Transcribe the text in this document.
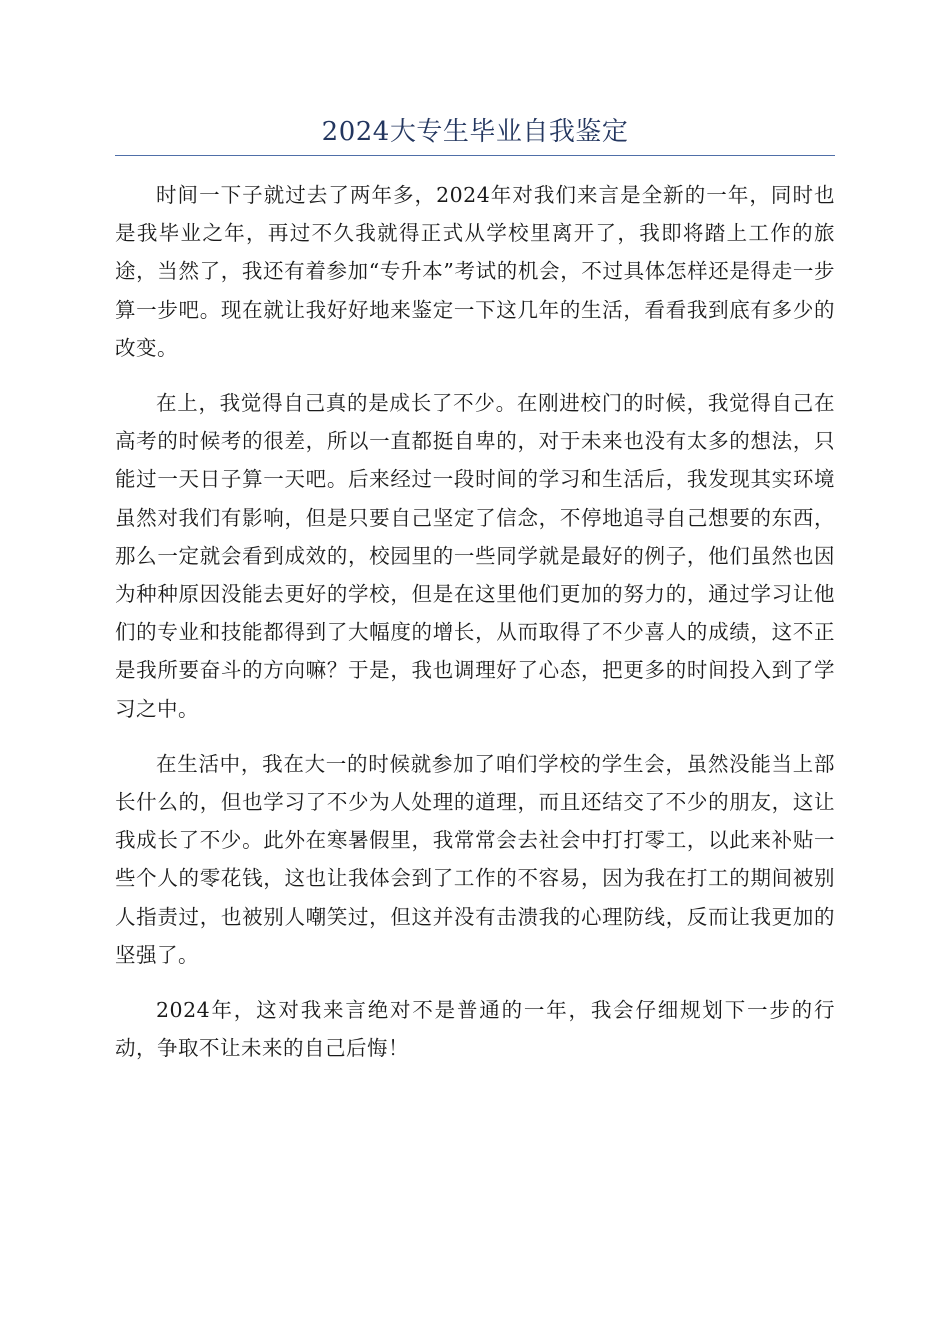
2024大专生毕业自我鉴定

时间一下子就过去了两年多，2024年对我们来言是全新的一年，同时也是我毕业之年，再过不久我就得正式从学校里离开了，我即将踏上工作的旅途，当然了，我还有着参加“专升本”考试的机会，不过具体怎样还是得走一步算一步吧。现在就让我好好地来鉴定一下这几年的生活，看看我到底有多少的改变。

在上，我觉得自己真的是成长了不少。在刚进校门的时候，我觉得自己在高考的时候考的很差，所以一直都挺自卑的，对于未来也没有太多的想法，只能过一天日子算一天吧。后来经过一段时间的学习和生活后，我发现其实环境虽然对我们有影响，但是只要自己坚定了信念，不停地追寻自己想要的东西，那么一定就会看到成效的，校园里的一些同学就是最好的例子，他们虽然也因为种种原因没能去更好的学校，但是在这里他们更加的努力的，通过学习让他们的专业和技能都得到了大幅度的增长，从而取得了不少喜人的成绩，这不正是我所要奋斗的方向嘛？于是，我也调理好了心态，把更多的时间投入到了学习之中。

在生活中，我在大一的时候就参加了咱们学校的学生会，虽然没能当上部长什么的，但也学习了不少为人处理的道理，而且还结交了不少的朋友，这让我成长了不少。此外在寒暑假里，我常常会去社会中打打零工，以此来补贴一些个人的零花钱，这也让我体会到了工作的不容易，因为我在打工的期间被别人指责过，也被别人嘲笑过，但这并没有击溃我的心理防线，反而让我更加的坚强了。

2024年，这对我来言绝对不是普通的一年，我会仔细规划下一步的行动，争取不让未来的自己后悔！
